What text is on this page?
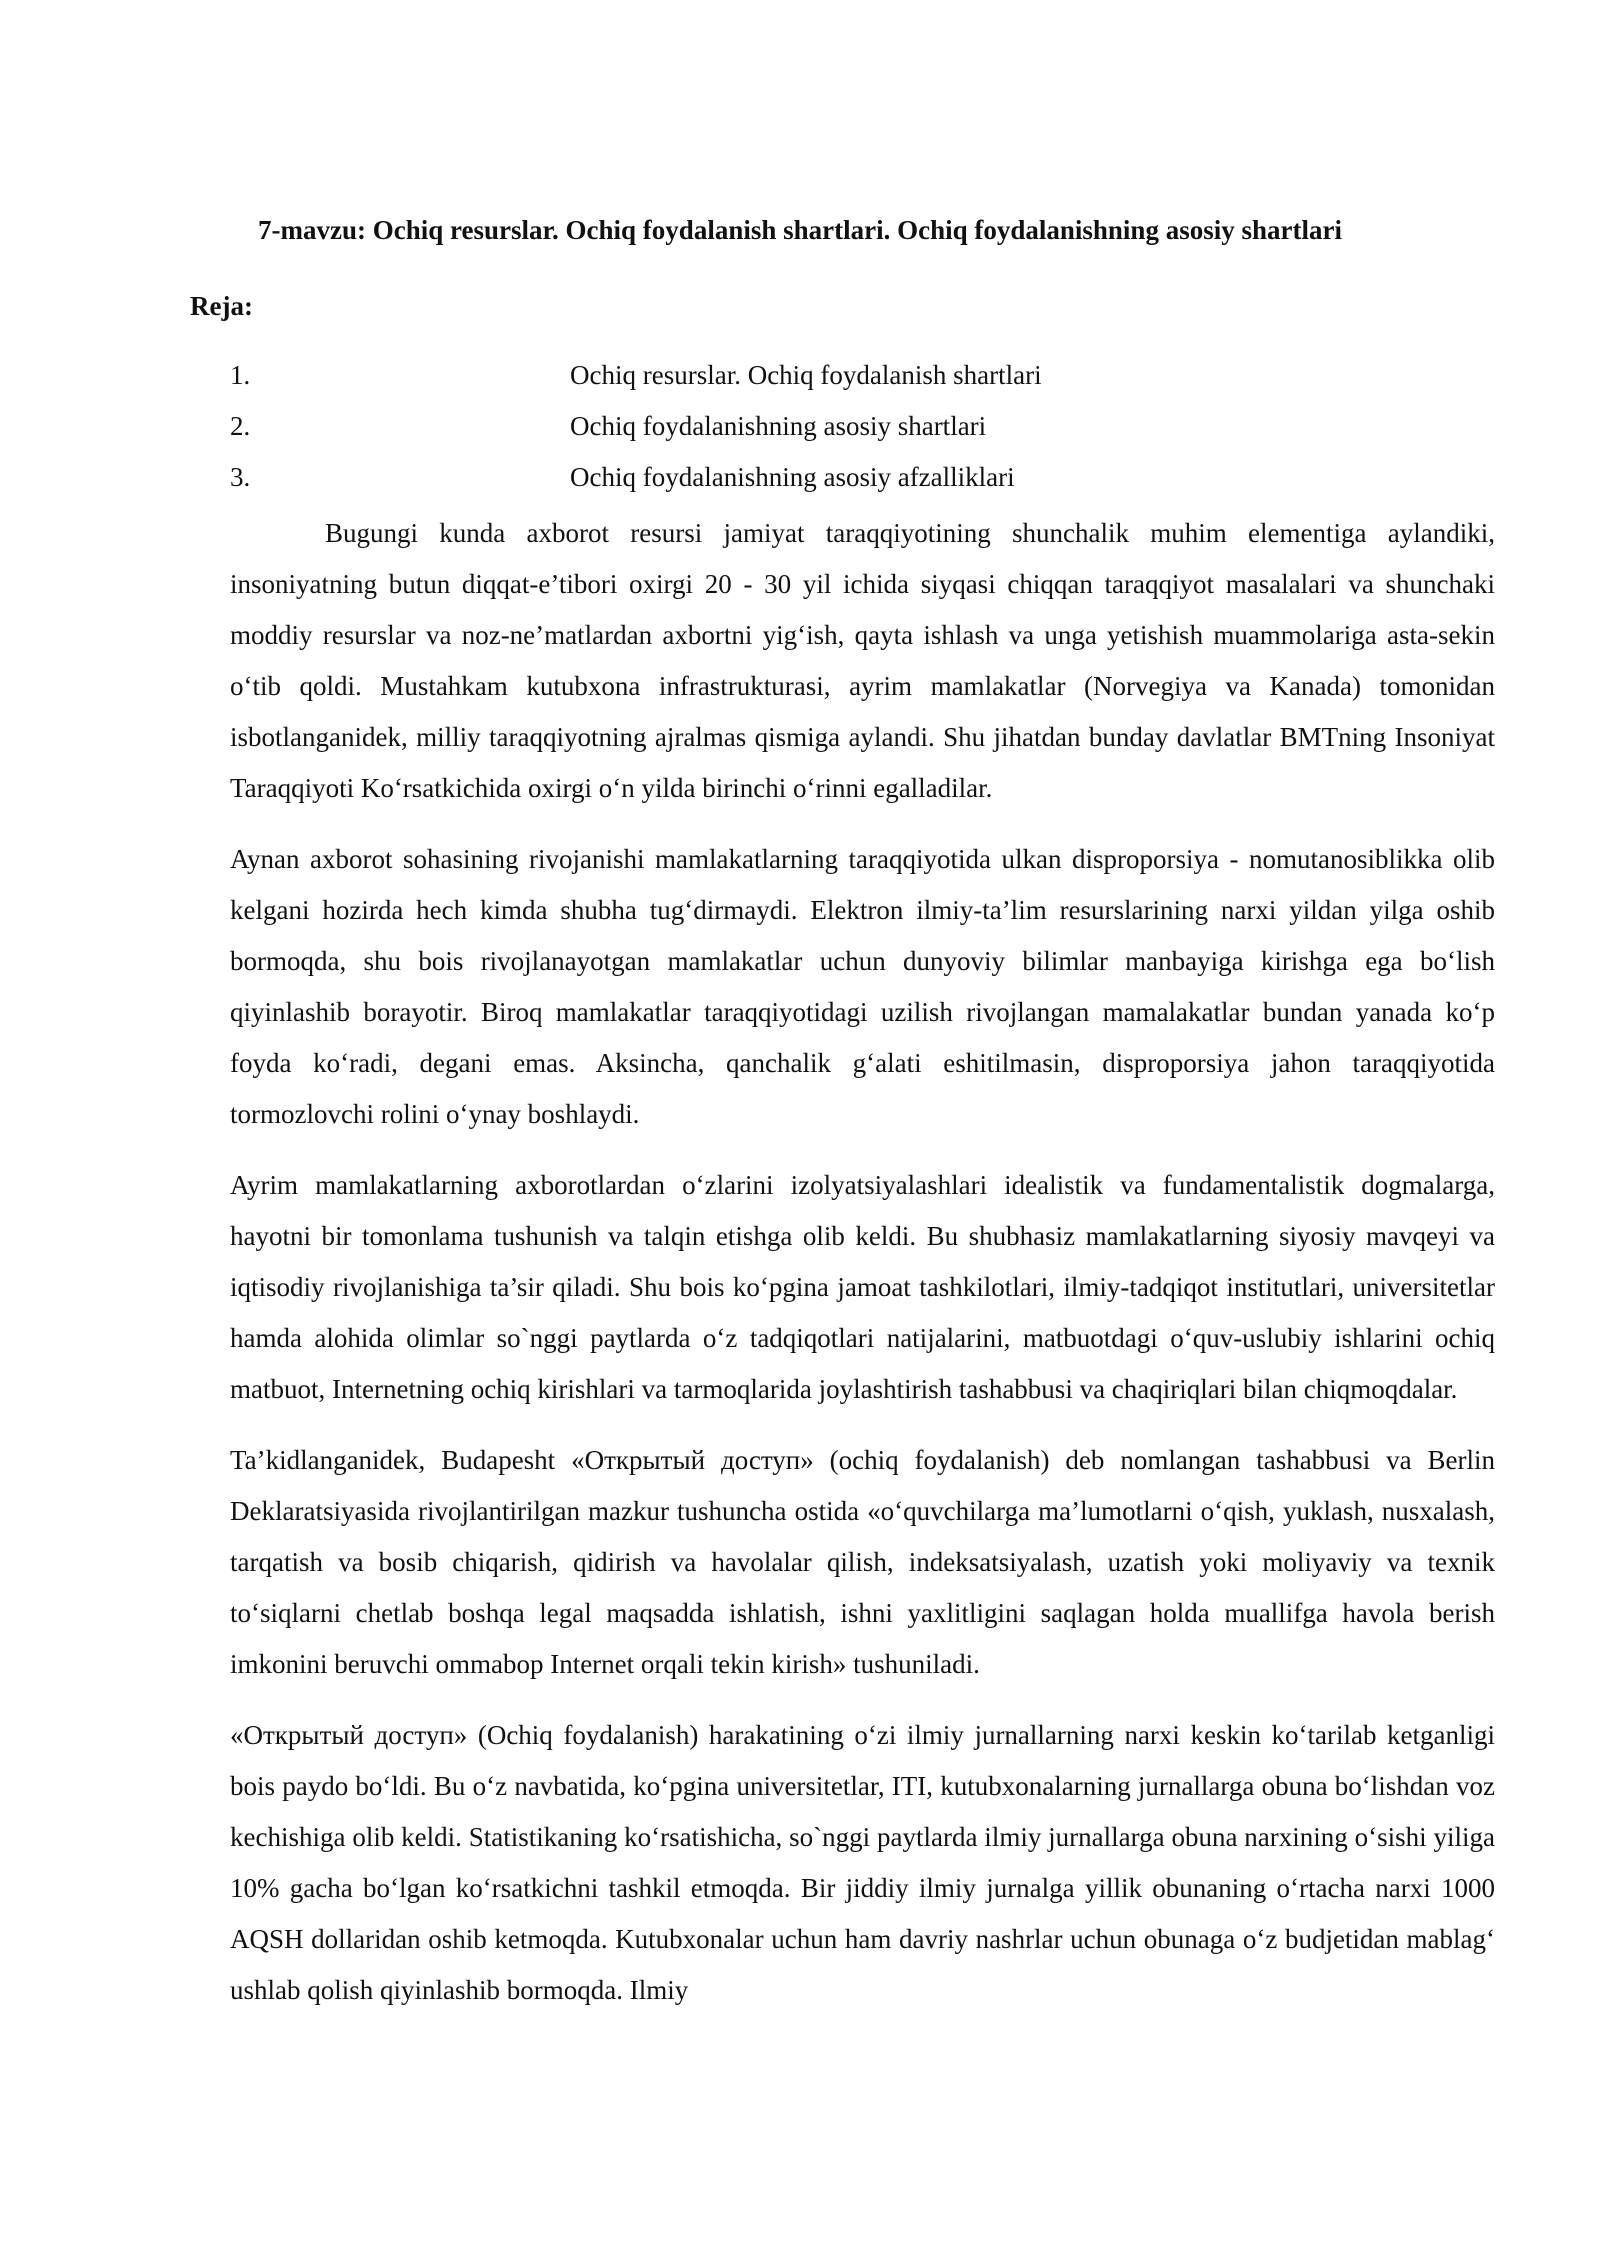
7-mavzu: Ochiq resurslar. Ochiq foydalanish shartlari. Ochiq foydalanishning asosiy shartlari
Reja:
1.	Ochiq resurslar. Ochiq foydalanish shartlari
2.	Ochiq foydalanishning asosiy shartlari
3.	Ochiq foydalanishning asosiy afzalliklari

Bugungi kunda axborot resursi jamiyat taraqqiyotining shunchalik muhim elementiga aylandiki, insoniyatning butun diqqat-e’tibori oxirgi 20 - 30 yil ichida siyqasi chiqqan taraqqiyot masalalari va shunchaki moddiy resurslar va noz-ne’matlardan axbortni yig‘ish, qayta ishlash va unga yetishish muammolariga asta-sekin o‘tib qoldi. Mustahkam kutubxona infrastrukturasi, ayrim mamlakatlar (Norvegiya va Kanada) tomonidan isbotlanganidek, milliy taraqqiyotning ajralmas qismiga aylandi. Shu jihatdan bunday davlatlar BMTning Insoniyat Taraqqiyoti Ko‘rsatkichida oxirgi o‘n yilda birinchi o‘rinni egalladilar.

Aynan axborot sohasining rivojanishi mamlakatlarning taraqqiyotida ulkan disproporsiya - nomutanosiblikka olib kelgani hozirda hech kimda shubha tug‘dirmaydi. Elektron ilmiy-ta’lim resurslarining narxi yildan yilga oshib bormoqda, shu bois rivojlanayotgan mamlakatlar uchun dunyoviy bilimlar manbayiga kirishga ega bo‘lish qiyinlashib borayotir. Biroq mamlakatlar taraqqiyotidagi uzilish rivojlangan mamalakatlar bundan yanada ko‘p foyda ko‘radi, degani emas. Aksincha, qanchalik g‘alati eshitilmasin, disproporsiya jahon taraqqiyotida tormozlovchi rolini o‘ynay boshlaydi.

Ayrim mamlakatlarning axborotlardan o‘zlarini izolyatsiyalashlari idealistik va fundamentalistik dogmalarga, hayotni bir tomonlama tushunish va talqin etishga olib keldi. Bu shubhasiz mamlakatlarning siyosiy mavqeyi va iqtisodiy rivojlanishiga ta’sir qiladi. Shu bois ko‘pgina jamoat tashkilotlari, ilmiy-tadqiqot institutlari, universitetlar hamda alohida olimlar so`nggi paytlarda o‘z tadqiqotlari natijalarini, matbuotdagi o‘quv-uslubiy ishlarini ochiq matbuot, Internetning ochiq kirishlari va tarmoqlarida joylashtirish tashabbusi va chaqiriqlari bilan chiqmoqdalar.

Ta’kidlanganidek, Budapesht «Открытый доступ» (ochiq foydalanish) deb nomlangan tashabbusi va Berlin Deklaratsiyasida rivojlantirilgan mazkur tushuncha ostida «o‘quvchilarga ma’lumotlarni o‘qish, yuklash, nusxalash, tarqatish va bosib chiqarish, qidirish va havolalar qilish, indeksatsiyalash, uzatish yoki moliyaviy va texnik to‘siqlarni chetlab boshqa legal maqsadda ishlatish, ishni yaxlitligini saqlagan holda muallifga havola berish imkonini beruvchi ommabop Internet orqali tekin kirish» tushuniladi.

«Открытый доступ» (Ochiq foydalanish) harakatining o‘zi ilmiy jurnallarning narxi keskin ko‘tarilab ketganligi bois paydo bo‘ldi. Bu o‘z navbatida, ko‘pgina universitetlar, ITI, kutubxonalarning jurnallarga obuna bo‘lishdan voz kechishiga olib keldi. Statistikaning ko‘rsatishicha, so`nggi paytlarda ilmiy jurnallarga obuna narxining o‘sishi yiliga 10% gacha bo‘lgan ko‘rsatkichni tashkil etmoqda. Bir jiddiy ilmiy jurnalga yillik obunaning o‘rtacha narxi 1000 AQSH dollaridan oshib ketmoqda. Kutubxonalar uchun ham davriy nashrlar uchun obunaga o‘z budjetidan mablag‘ ushlab qolish qiyinlashib bormoqda. Ilmiy
